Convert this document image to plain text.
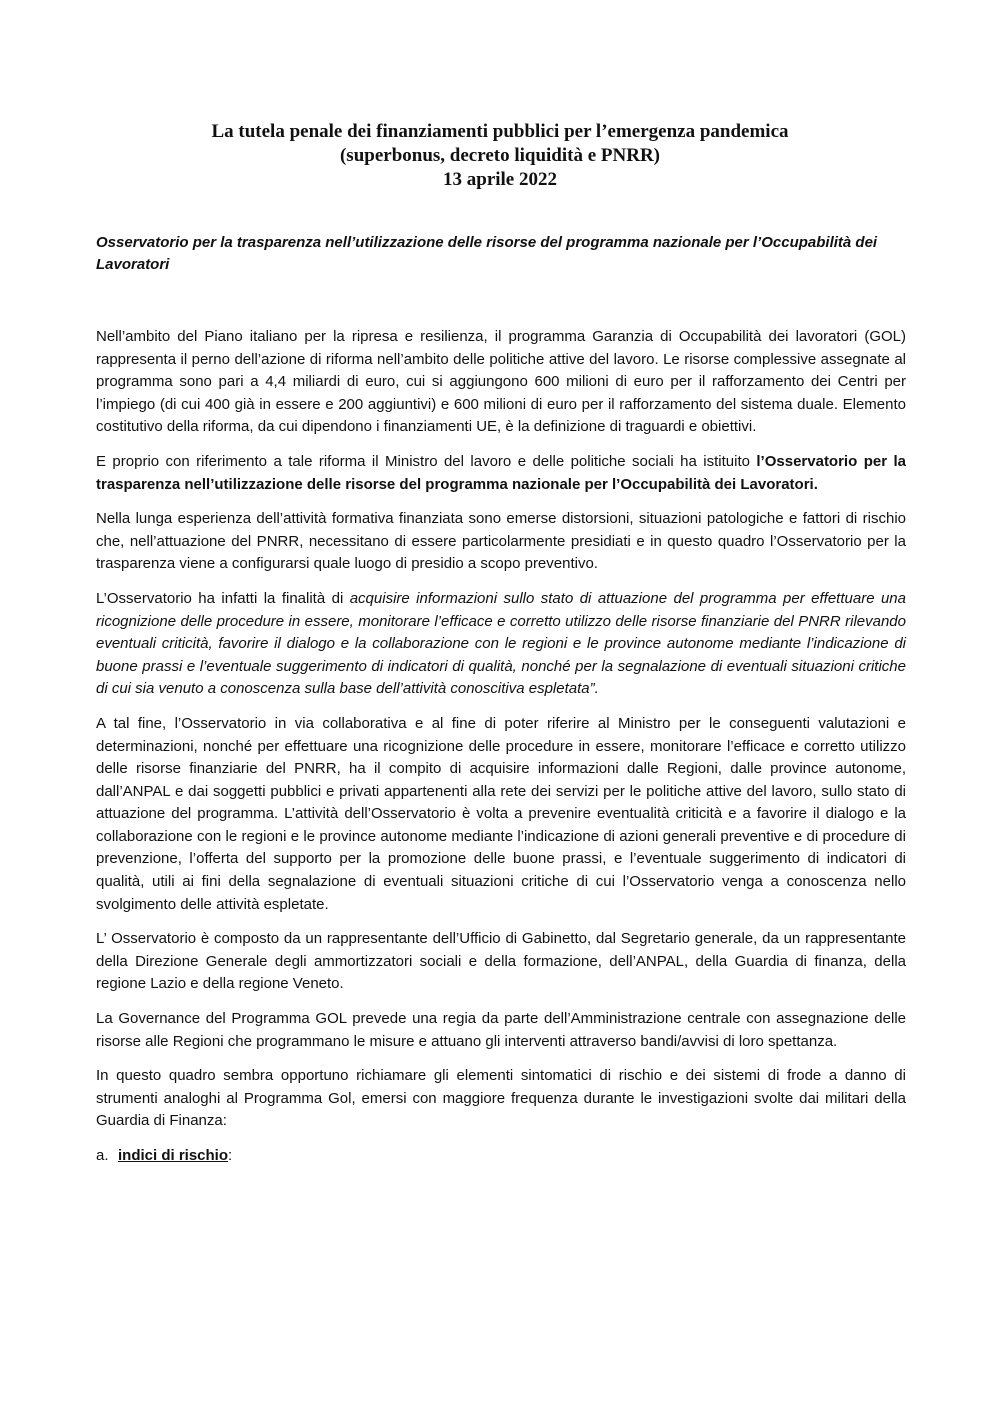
La tutela penale dei finanziamenti pubblici per l’emergenza pandemica
(superbonus, decreto liquidità e PNRR)
13 aprile 2022
Osservatorio per la trasparenza nell’utilizzazione delle risorse del programma nazionale per l’Occupabilità dei Lavoratori

Nell’ambito del Piano italiano per la ripresa e resilienza, il programma Garanzia di Occupabilità dei lavoratori (GOL) rappresenta il perno dell’azione di riforma nell’ambito delle politiche attive del lavoro. Le risorse complessive assegnate al programma sono pari a 4,4 miliardi di euro, cui si aggiungono 600 milioni di euro per il rafforzamento dei Centri per l’impiego (di cui 400 già in essere e 200 aggiuntivi) e 600 milioni di euro per il rafforzamento del sistema duale. Elemento costitutivo della riforma, da cui dipendono i finanziamenti UE, è la definizione di traguardi e obiettivi.

E proprio con riferimento a tale riforma il Ministro del lavoro e delle politiche sociali ha istituito l’Osservatorio per la trasparenza nell’utilizzazione delle risorse del programma nazionale per l’Occupabilità dei Lavoratori.

Nella lunga esperienza dell’attività formativa finanziata sono emerse distorsioni, situazioni patologiche e fattori di rischio che, nell’attuazione del PNRR, necessitano di essere particolarmente presidiati e in questo quadro l’Osservatorio per la trasparenza viene a configurarsi quale luogo di presidio a scopo preventivo.

L’Osservatorio ha infatti la finalità di acquisire informazioni sullo stato di attuazione del programma per effettuare una ricognizione delle procedure in essere, monitorare l’efficace e corretto utilizzo delle risorse finanziarie del PNRR rilevando eventuali criticità, favorire il dialogo e la collaborazione con le regioni e le province autonome mediante l’indicazione di buone prassi e l’eventuale suggerimento di indicatori di qualità, nonché per la segnalazione di eventuali situazioni critiche di cui sia venuto a conoscenza sulla base dell’attività conoscitiva espletata”.

A tal fine, l’Osservatorio in via collaborativa e al fine di poter riferire al Ministro per le conseguenti valutazioni e determinazioni, nonché per effettuare una ricognizione delle procedure in essere, monitorare l’efficace e corretto utilizzo delle risorse finanziarie del PNRR, ha il compito di acquisire informazioni dalle Regioni, dalle province autonome, dall’ANPAL e dai soggetti pubblici e privati appartenenti alla rete dei servizi per le politiche attive del lavoro, sullo stato di attuazione del programma. L’attività dell’Osservatorio è volta a prevenire eventualità criticità e a favorire il dialogo e la collaborazione con le regioni e le province autonome mediante l’indicazione di azioni generali preventive e di procedure di prevenzione, l’offerta del supporto per la promozione delle buone prassi, e l’eventuale suggerimento di indicatori di qualità, utili ai fini della segnalazione di eventuali situazioni critiche di cui l’Osservatorio venga a conoscenza nello svolgimento delle attività espletate.

L’ Osservatorio è composto da un rappresentante dell’Ufficio di Gabinetto, dal Segretario generale, da un rappresentante della Direzione Generale degli ammortizzatori sociali e della formazione, dell’ANPAL, della Guardia di finanza, della regione Lazio e della regione Veneto.

La Governance del Programma GOL prevede una regia da parte dell’Amministrazione centrale con assegnazione delle risorse alle Regioni che programmano le misure e attuano gli interventi attraverso bandi/avvisi di loro spettanza.

In questo quadro sembra opportuno richiamare gli elementi sintomatici di rischio e dei sistemi di frode a danno di strumenti analoghi al Programma Gol, emersi con maggiore frequenza durante le investigazioni svolte dai militari della Guardia di Finanza:

a. indici di rischio:
